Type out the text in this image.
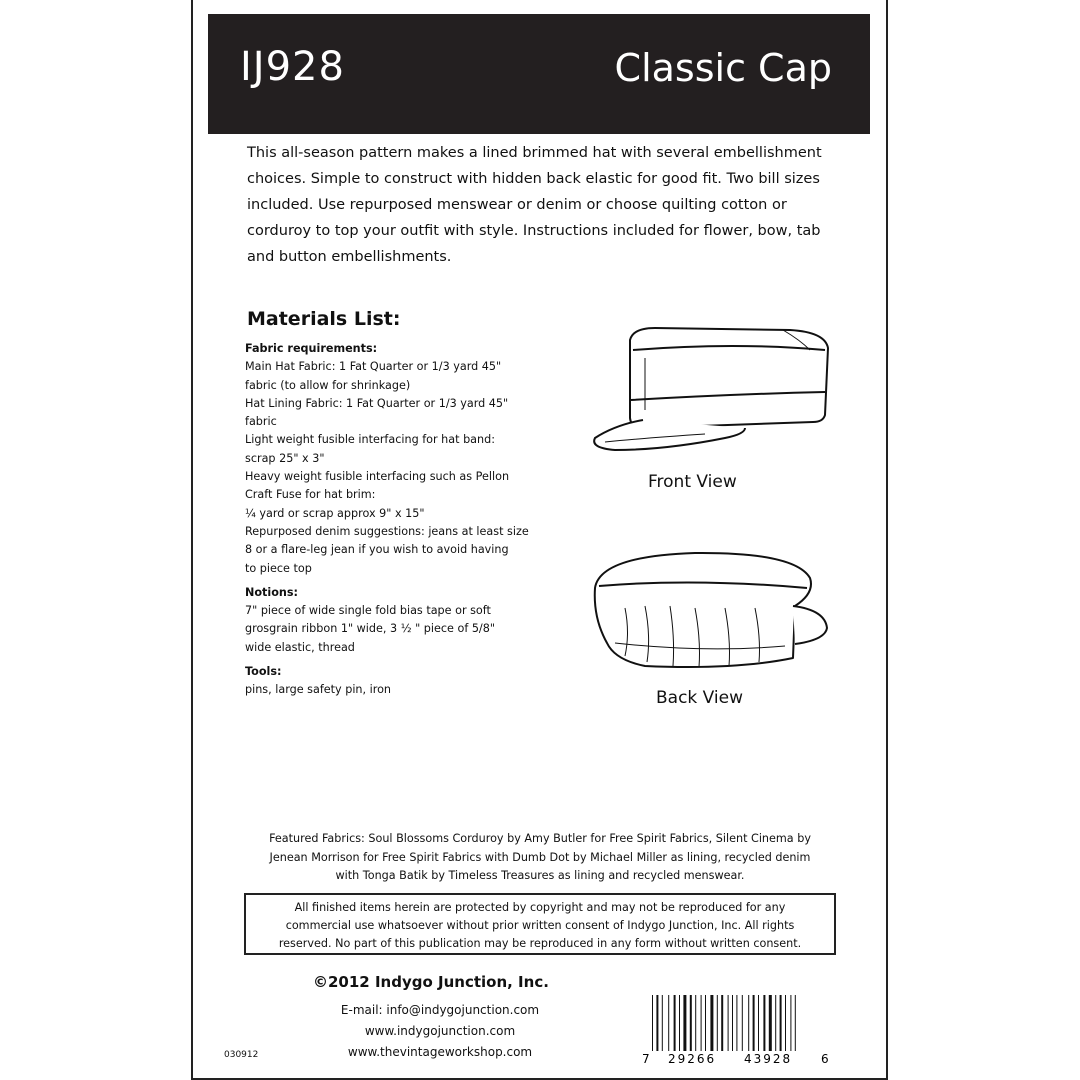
IJ928	Classic Cap

This all-season pattern makes a lined brimmed hat with several embellishment choices. Simple to construct with hidden back elastic for good fit. Two bill sizes included. Use repurposed menswear or denim or choose quilting cotton or corduroy to top your outfit with style. Instructions included for flower, bow, tab and button embellishments.

Materials List:
Fabric requirements:
Main Hat Fabric: 1 Fat Quarter or 1/3 yard 45"
fabric (to allow for shrinkage)
Hat Lining Fabric: 1 Fat Quarter or 1/3 yard 45"
fabric
Light weight fusible interfacing for hat band:
scrap 25" x 3"
Heavy weight fusible interfacing such as Pellon
Craft Fuse for hat brim:
¼ yard or scrap approx 9" x 15"
Repurposed denim suggestions: jeans at least size
8 or a flare-leg jean if you wish to avoid having
to piece top
Notions:
7" piece of wide single fold bias tape or soft
grosgrain ribbon 1" wide, 3 ½ " piece of 5/8"
wide elastic, thread
Tools:
pins, large safety pin, iron
Front View
Back View
Featured Fabrics: Soul Blossoms Corduroy by Amy Butler for Free Spirit Fabrics, Silent Cinema by
Jenean Morrison for Free Spirit Fabrics with Dumb Dot by Michael Miller as lining, recycled denim
with Tonga Batik by Timeless Treasures as lining and recycled menswear.
All finished items herein are protected by copyright and may not be reproduced for any
commercial use whatsoever without prior written consent of Indygo Junction, Inc. All rights
reserved. No part of this publication may be reproduced in any form without written consent.
©2012 Indygo Junction, Inc.
E-mail: info@indygojunction.com
www.indygojunction.com
www.thevintageworkshop.com
030912	7 29266 43928 6
